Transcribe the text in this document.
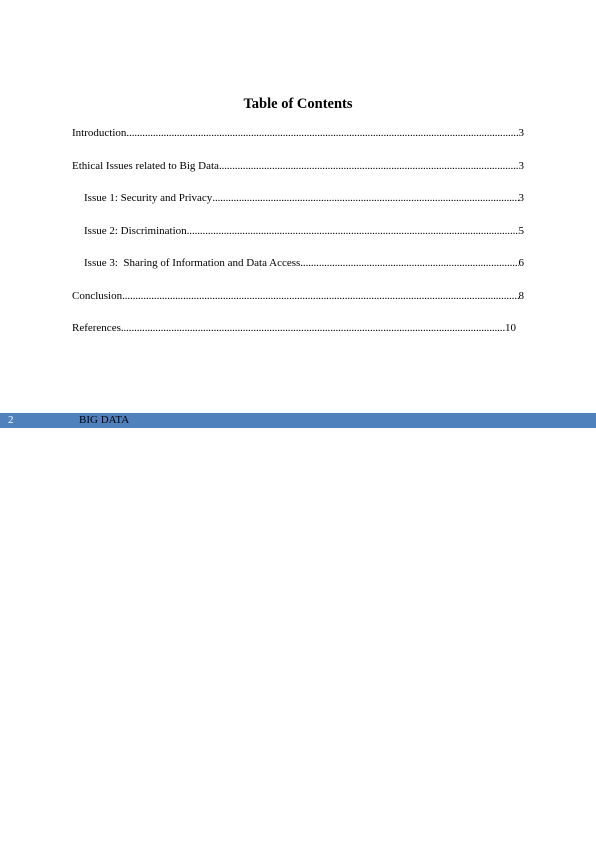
Table of Contents
Introduction .....	3
Ethical Issues related to Big Data .....	3
Issue 1: Security and Privacy .....	3
Issue 2: Discrimination .....	5
Issue 3:  Sharing of Information and Data Access .....	6
Conclusion .....	8
References .....	10
2	BIG DATA
